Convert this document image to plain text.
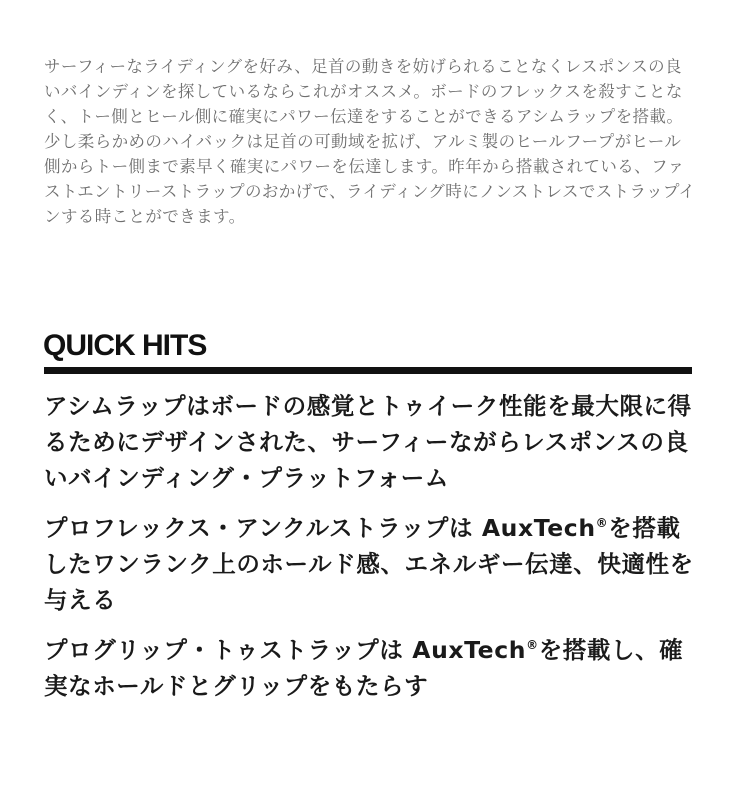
サーフィーなライディングを好み、足首の動きを妨げられることなくレスポンスの良いバインディンを探しているならこれがオススメ。ボードのフレックスを殺すことなく、トー側とヒール側に確実にパワー伝達をすることができるアシムラップを搭載。

少し柔らかめのハイバックは足首の可動域を拡げ、アルミ製のヒールフープがヒール側からトー側まで素早く確実にパワーを伝達します。昨年から搭載されている、ファストエントリーストラップのおかげで、ライディング時にノンストレスでストラップインする時ことができます。

QUICK HITS
アシムラップはボードの感覚とトゥイーク性能を最大限に得るためにデザインされた、サーフィーながらレスポンスの良いバインディング・プラットフォーム
プロフレックス・アンクルストラップは AuxTech®を搭載したワンランク上のホールド感、エネルギー伝達、快適性を与える
プログリップ・トゥストラップは AuxTech®を搭載し、確実なホールドとグリップをもたらす
